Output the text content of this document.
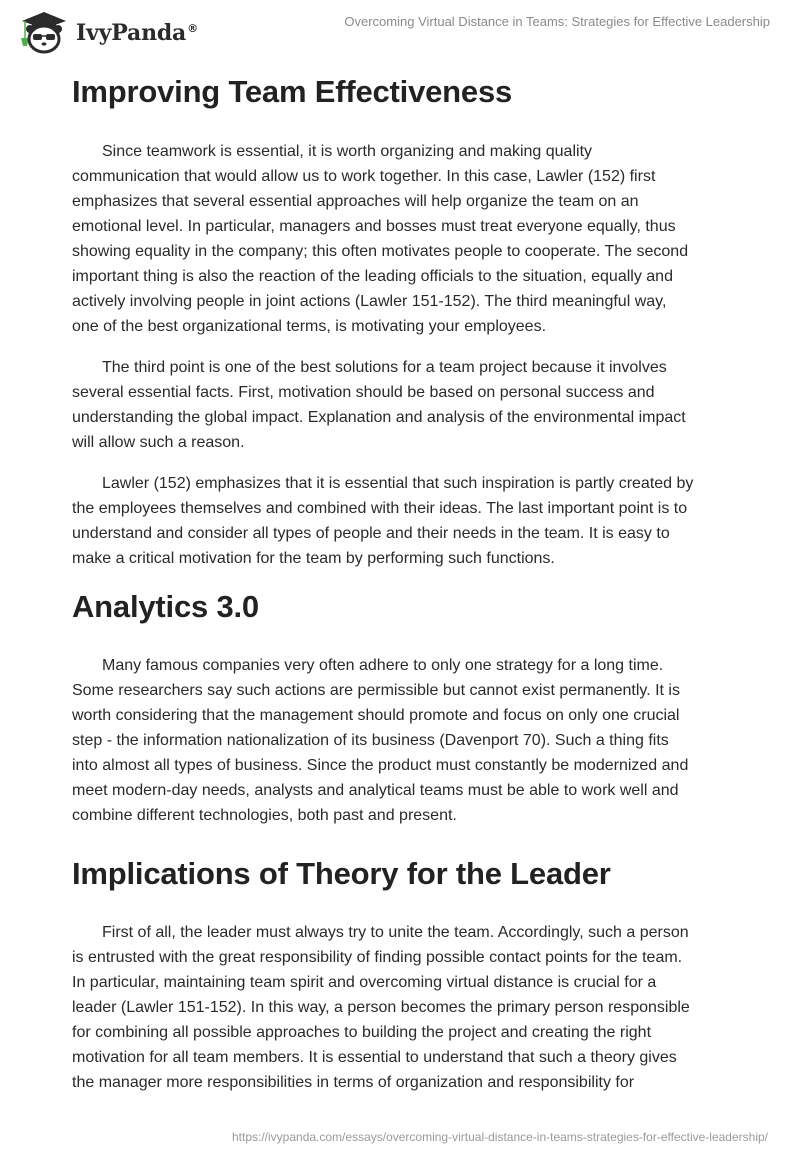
IvyPanda®	Overcoming Virtual Distance in Teams: Strategies for Effective Leadership
Improving Team Effectiveness

Since teamwork is essential, it is worth organizing and making quality
communication that would allow us to work together. In this case, Lawler (152) first
emphasizes that several essential approaches will help organize the team on an
emotional level. In particular, managers and bosses must treat everyone equally, thus
showing equality in the company; this often motivates people to cooperate. The second
important thing is also the reaction of the leading officials to the situation, equally and
actively involving people in joint actions (Lawler 151-152). The third meaningful way,
one of the best organizational terms, is motivating your employees.

The third point is one of the best solutions for a team project because it involves
several essential facts. First, motivation should be based on personal success and
understanding the global impact. Explanation and analysis of the environmental impact
will allow such a reason.

Lawler (152) emphasizes that it is essential that such inspiration is partly created by
the employees themselves and combined with their ideas. The last important point is to
understand and consider all types of people and their needs in the team. It is easy to
make a critical motivation for the team by performing such functions.

Analytics 3.0

Many famous companies very often adhere to only one strategy for a long time.
Some researchers say such actions are permissible but cannot exist permanently. It is
worth considering that the management should promote and focus on only one crucial
step - the information nationalization of its business (Davenport 70). Such a thing fits
into almost all types of business. Since the product must constantly be modernized and
meet modern-day needs, analysts and analytical teams must be able to work well and
combine different technologies, both past and present.

Implications of Theory for the Leader

First of all, the leader must always try to unite the team. Accordingly, such a person
is entrusted with the great responsibility of finding possible contact points for the team.
In particular, maintaining team spirit and overcoming virtual distance is crucial for a
leader (Lawler 151-152). In this way, a person becomes the primary person responsible
for combining all possible approaches to building the project and creating the right
motivation for all team members. It is essential to understand that such a theory gives
the manager more responsibilities in terms of organization and responsibility for

https://ivypanda.com/essays/overcoming-virtual-distance-in-teams-strategies-for-effective-leadership/
